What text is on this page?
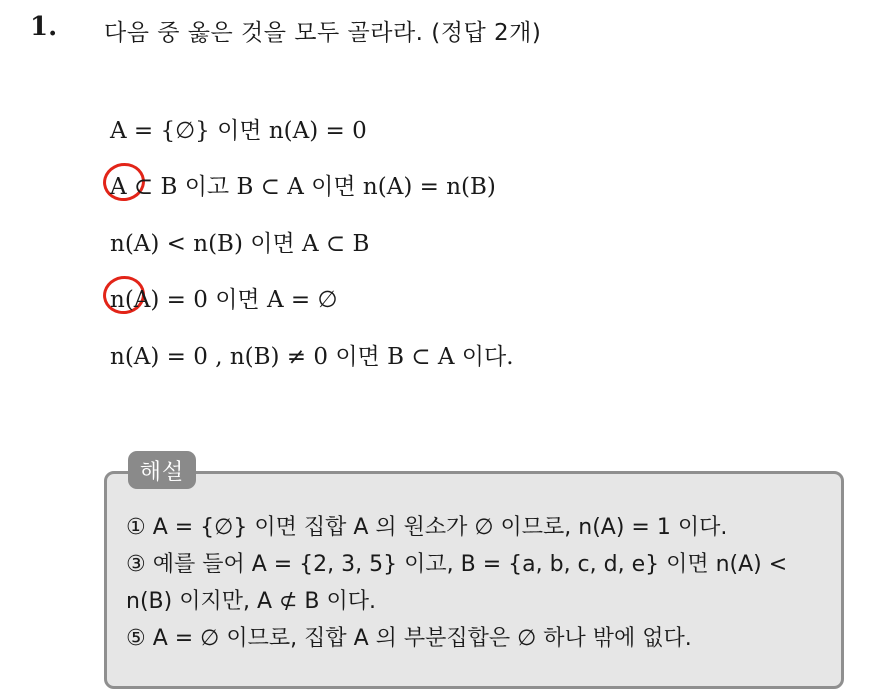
1. 다음 중 옳은 것을 모두 골라라. (정답 2개)
A = {∅} 이면 n(A) = 0
A ⊂ B 이고 B ⊂ A 이면 n(A) = n(B)
n(A) < n(B) 이면 A ⊂ B
n(A) = 0 이면 A = ∅
n(A) = 0 , n(B) ≠ 0 이면 B ⊂ A 이다.
해설
① A = {∅} 이면 집합 A 의 원소가 ∅ 이므로, n(A) = 1 이다.
③ 예를 들어 A = {2, 3, 5} 이고, B = {a, b, c, d, e} 이면 n(A) <
n(B) 이지만, A ⊄ B 이다.
⑤ A = ∅ 이므로, 집합 A 의 부분집합은 ∅ 하나 밖에 없다.
